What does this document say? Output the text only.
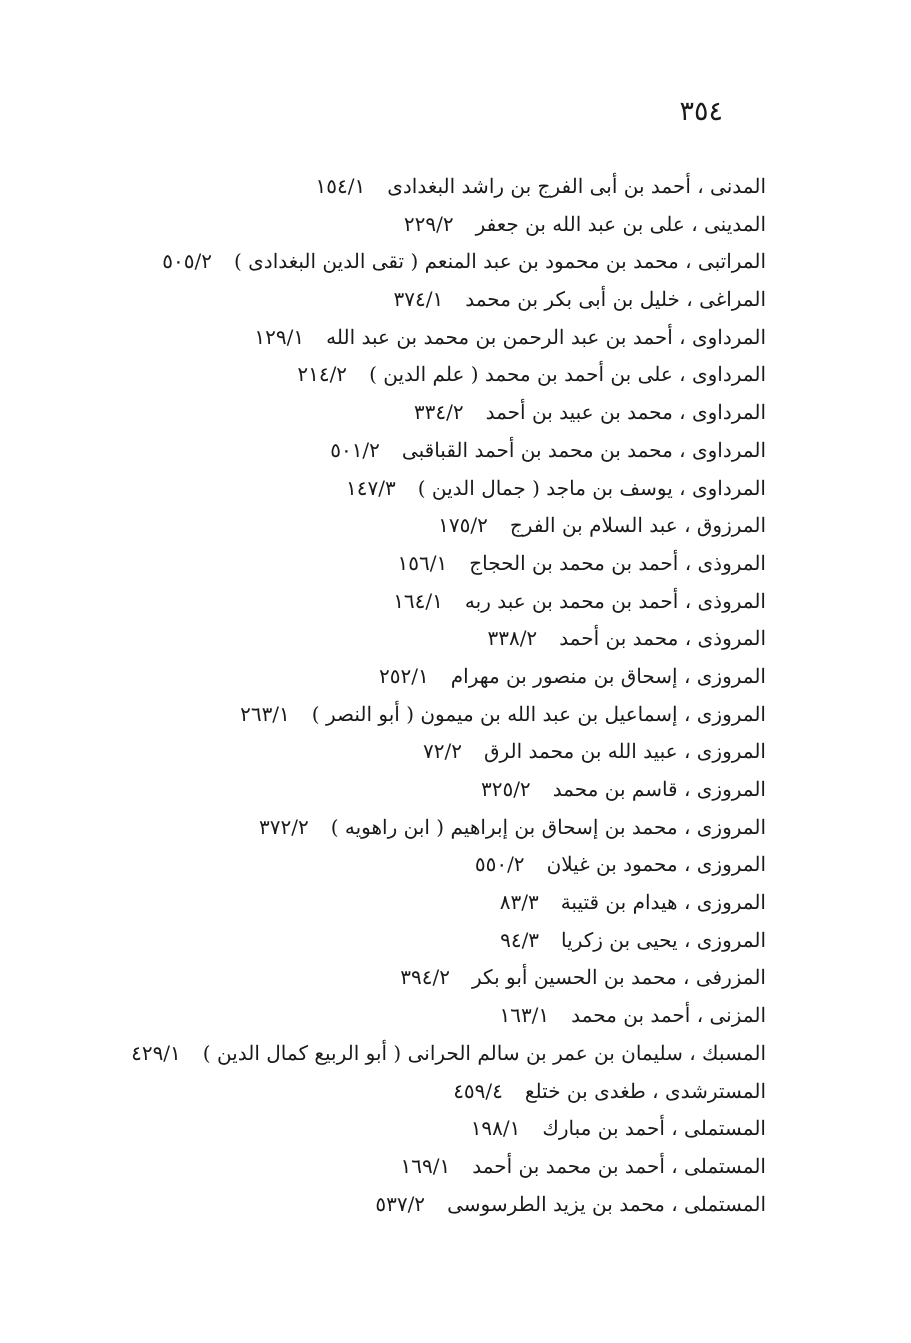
٣٥٤
المدنى ، أحمد بن أبى الفرج بن راشد البغدادى١٥٤/١
المدينى ، على بن عبد الله بن جعفر٢٢٩/٢
المراتبى ، محمد بن محمود بن عبد المنعم ( تقى الدين البغدادى )٥٠٥/٢
المراغى ، خليل بن أبى بكر بن محمد٣٧٤/١
المرداوى ، أحمد بن عبد الرحمن بن محمد بن عبد الله١٢٩/١
المرداوى ، على بن أحمد بن محمد ( علم الدين )٢١٤/٢
المرداوى ، محمد بن عبيد بن أحمد٣٣٤/٢
المرداوى ، محمد بن محمد بن أحمد القباقبى٥٠١/٢
المرداوى ، يوسف بن ماجد ( جمال الدين )١٤٧/٣
المرزوق ، عبد السلام بن الفرج١٧٥/٢
المروذى ، أحمد بن محمد بن الحجاج١٥٦/١
المروذى ، أحمد بن محمد بن عبد ربه١٦٤/١
المروذى ، محمد بن أحمد٣٣٨/٢
المروزى ، إسحاق بن منصور بن مهرام٢٥٢/١
المروزى ، إسماعيل بن عبد الله بن ميمون ( أبو النصر )٢٦٣/١
المروزى ، عبيد الله بن محمد الرق٧٢/٢
المروزى ، قاسم بن محمد٣٢٥/٢
المروزى ، محمد بن إسحاق بن إبراهيم ( ابن راهويه )٣٧٢/٢
المروزى ، محمود بن غيلان٥٥٠/٢
المروزى ، هيدام بن قتيبة٨٣/٣
المروزى ، يحيى بن زكريا٩٤/٣
المزرفى ، محمد بن الحسين أبو بكر٣٩٤/٢
المزنى ، أحمد بن محمد١٦٣/١
المسبك ، سليمان بن عمر بن سالم الحرانى ( أبو الربيع كمال الدين )٤٢٩/١
المسترشدى ، طغدى بن ختلع٤٥٩/٤
المستملى ، أحمد بن مبارك١٩٨/١
المستملى ، أحمد بن محمد بن أحمد١٦٩/١
المستملى ، محمد بن يزيد الطرسوسى٥٣٧/٢
